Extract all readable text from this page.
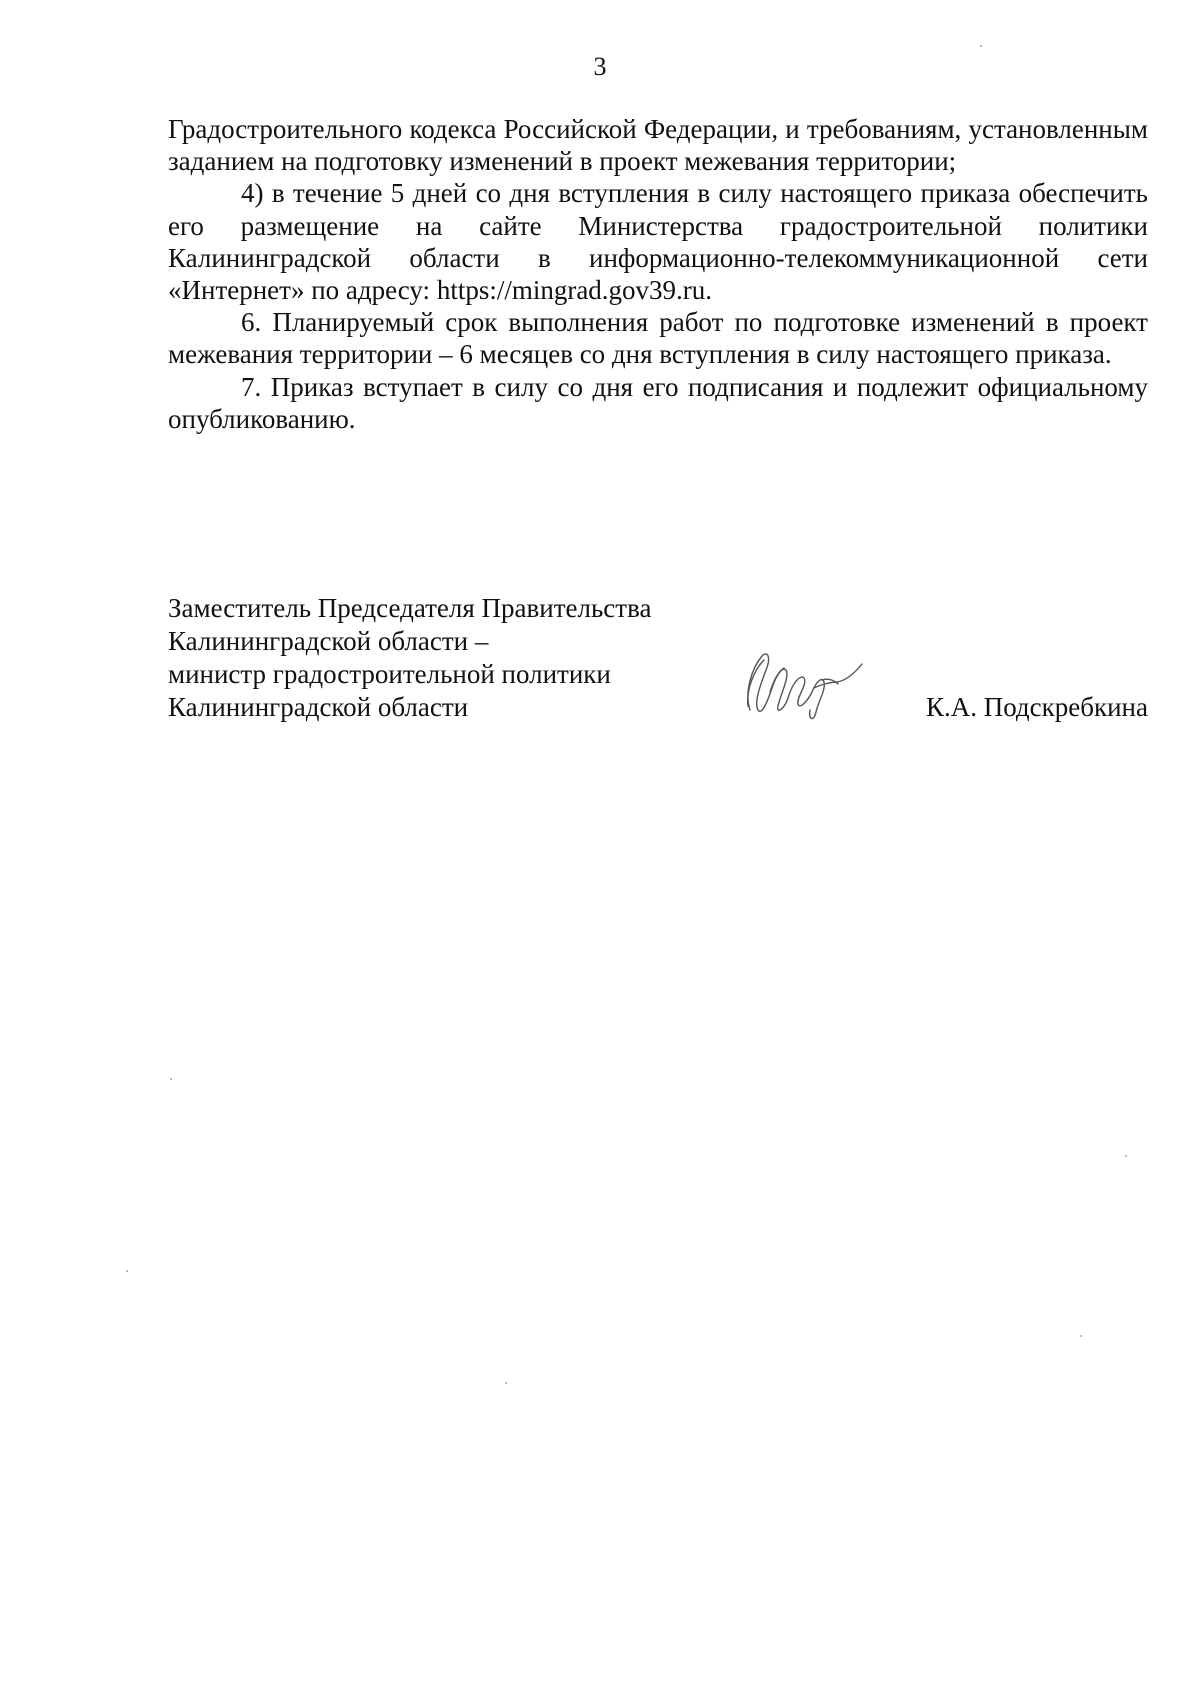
3

Градостроительного кодекса Российской Федерации, и требованиям, установленным заданием на подготовку изменений в проект межевания территории;

4) в течение 5 дней со дня вступления в силу настоящего приказа обеспечить его размещение на сайте Министерства градостроительной политики Калининградской области в информационно-телекоммуникационной сети «Интернет» по адресу: https://mingrad.gov39.ru.

6. Планируемый срок выполнения работ по подготовке изменений в проект межевания территории – 6 месяцев со дня вступления в силу настоящего приказа.

7. Приказ вступает в силу со дня его подписания и подлежит официальному опубликованию.

Заместитель Председателя Правительства
Калининградской области –
министр градостроительной политики
Калининградской области	К.А. Подскребкина
